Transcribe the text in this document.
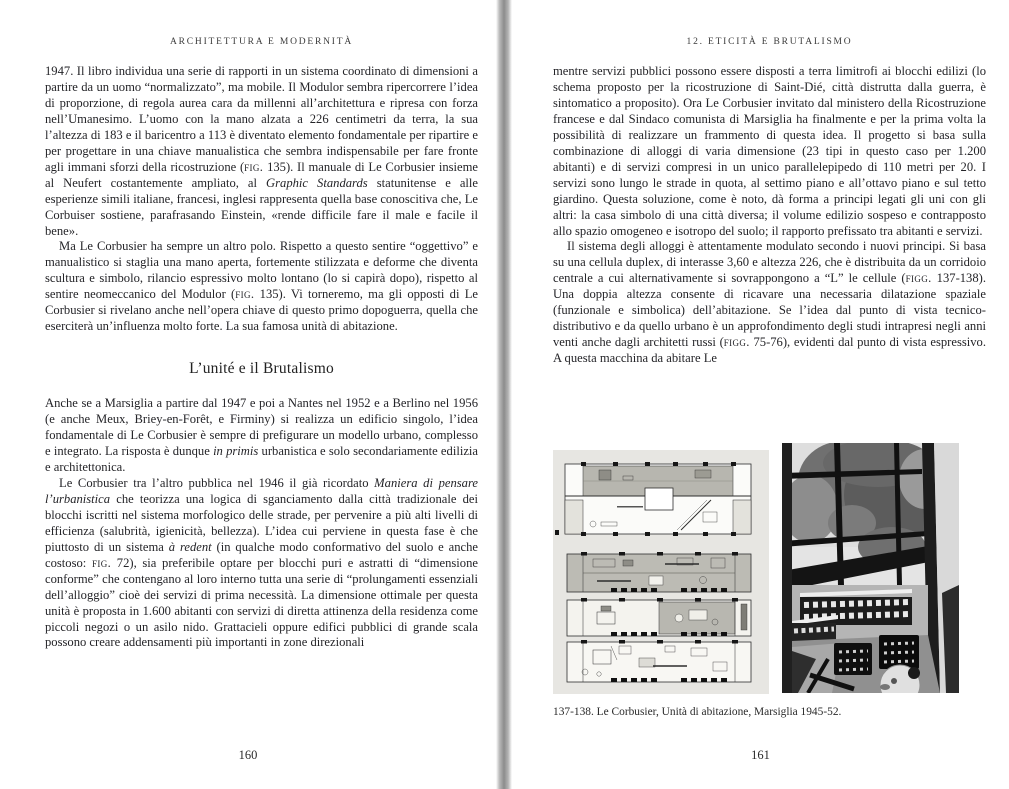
ARCHITETTURA E MODERNITÀ

1947. Il libro individua una serie di rapporti in un sistema coordinato di dimensioni a partire da un uomo “normalizzato”, ma mobile. Il Modulor sembra ripercorrere l’idea di proporzione, di regola aurea cara da millenni all’architettura e ripresa con forza nell’Umanesimo. L’uomo con la mano alzata a 226 centimetri da terra, la sua l’altezza di 183 e il baricentro a 113 è diventato elemento fondamentale per ripartire e per progettare in una chiave manualistica che sembra indispensabile per fare fronte agli immani sforzi della ricostruzione (fig. 135). Il manuale di Le Corbusier insieme al Neufert costantemente ampliato, al Graphic Standards statunitense e alle esperienze simili italiane, francesi, inglesi rappresenta quella base conoscitiva che, Le Corbuiser sostiene, parafrasando Einstein, «rende difficile fare il male e facile il bene».

Ma Le Corbusier ha sempre un altro polo. Rispetto a questo sentire “oggettivo” e manualistico si staglia una mano aperta, fortemente stilizzata e deforme che diventa scultura e simbolo, rilancio espressivo molto lontano (lo si capirà dopo), rispetto al sentire neomeccanico del Modulor (fig. 135). Vi torneremo, ma gli opposti di Le Corbusier si rivelano anche nell’opera chiave di questo primo dopoguerra, quella che eserciterà un’influenza molto forte. La sua famosa unità di abitazione.

L’unité e il Brutalismo

Anche se a Marsiglia a partire dal 1947 e poi a Nantes nel 1952 e a Berlino nel 1956 (e anche Meux, Briey-en-Forêt, e Firminy) si realizza un edificio singolo, l’idea fondamentale di Le Corbusier è sempre di prefigurare un modello urbano, complesso e integrato. La risposta è dunque in primis urbanistica e solo secondariamente edilizia e architettonica.

Le Corbusier tra l’altro pubblica nel 1946 il già ricordato Maniera di pensare l’urbanistica che teorizza una logica di sganciamento dalla città tradizionale dei blocchi iscritti nel sistema morfologico delle strade, per pervenire a più alti livelli di efficienza (salubrità, igienicità, bellezza). L’idea cui perviene in questa fase è che piuttosto di un sistema à redent (in qualche modo conformativo del suolo e anche costoso: fig. 72), sia preferibile optare per blocchi puri e astratti di “dimensione conforme” che contengano al loro interno tutta una serie di “prolungamenti essenziali dell’alloggio” cioè dei servizi di prima necessità. La dimensione ottimale per questa unità è proposta in 1.600 abitanti con servizi di diretta attinenza della residenza come piccoli negozi o un asilo nido. Grattacieli oppure edifici pubblici di grande scala possono creare addensamenti più importanti in zone direzionali

160
12. ETICITÀ E BRUTALISMO

mentre servizi pubblici possono essere disposti a terra limitrofi ai blocchi edilizi (lo schema proposto per la ricostruzione di Saint-Dié, città distrutta dalla guerra, è sintomatico a proposito). Ora Le Corbusier invitato dal ministero della Ricostruzione francese e dal Sindaco comunista di Marsiglia ha finalmente e per la prima volta la possibilità di realizzare un frammento di questa idea. Il progetto si basa sulla combinazione di alloggi di varia dimensione (23 tipi in questo caso per 1.200 abitanti) e di servizi compresi in un unico parallelepipedo di 110 metri per 20. I servizi sono lungo le strade in quota, al settimo piano e all’ottavo piano e sul tetto giardino. Questa soluzione, come è noto, dà forma a principi legati gli uni con gli altri: la casa simbolo di una città diversa; il volume edilizio sospeso e contrapposto allo spazio omogeneo e isotropo del suolo; il rapporto prefissato tra abitanti e servizi.

Il sistema degli alloggi è attentamente modulato secondo i nuovi principi. Si basa su una cellula duplex, di interasse 3,60 e altezza 226, che è distribuita da un corridoio centrale a cui alternativamente si sovrappongono a “L” le cellule (figg. 137-138). Una doppia altezza consente di ricavare una necessaria dilatazione spaziale (funzionale e simbolica) dell’abitazione. Se l’idea dal punto di vista tecnico-distributivo e da quello urbano è un approfondimento degli studi intrapresi negli anni venti anche dagli architetti russi (figg. 75-76), evidenti dal punto di vista espressivo. A questa macchina da abitare Le

137-138. Le Corbusier, Unità di abitazione, Marsiglia 1945-52.
161
